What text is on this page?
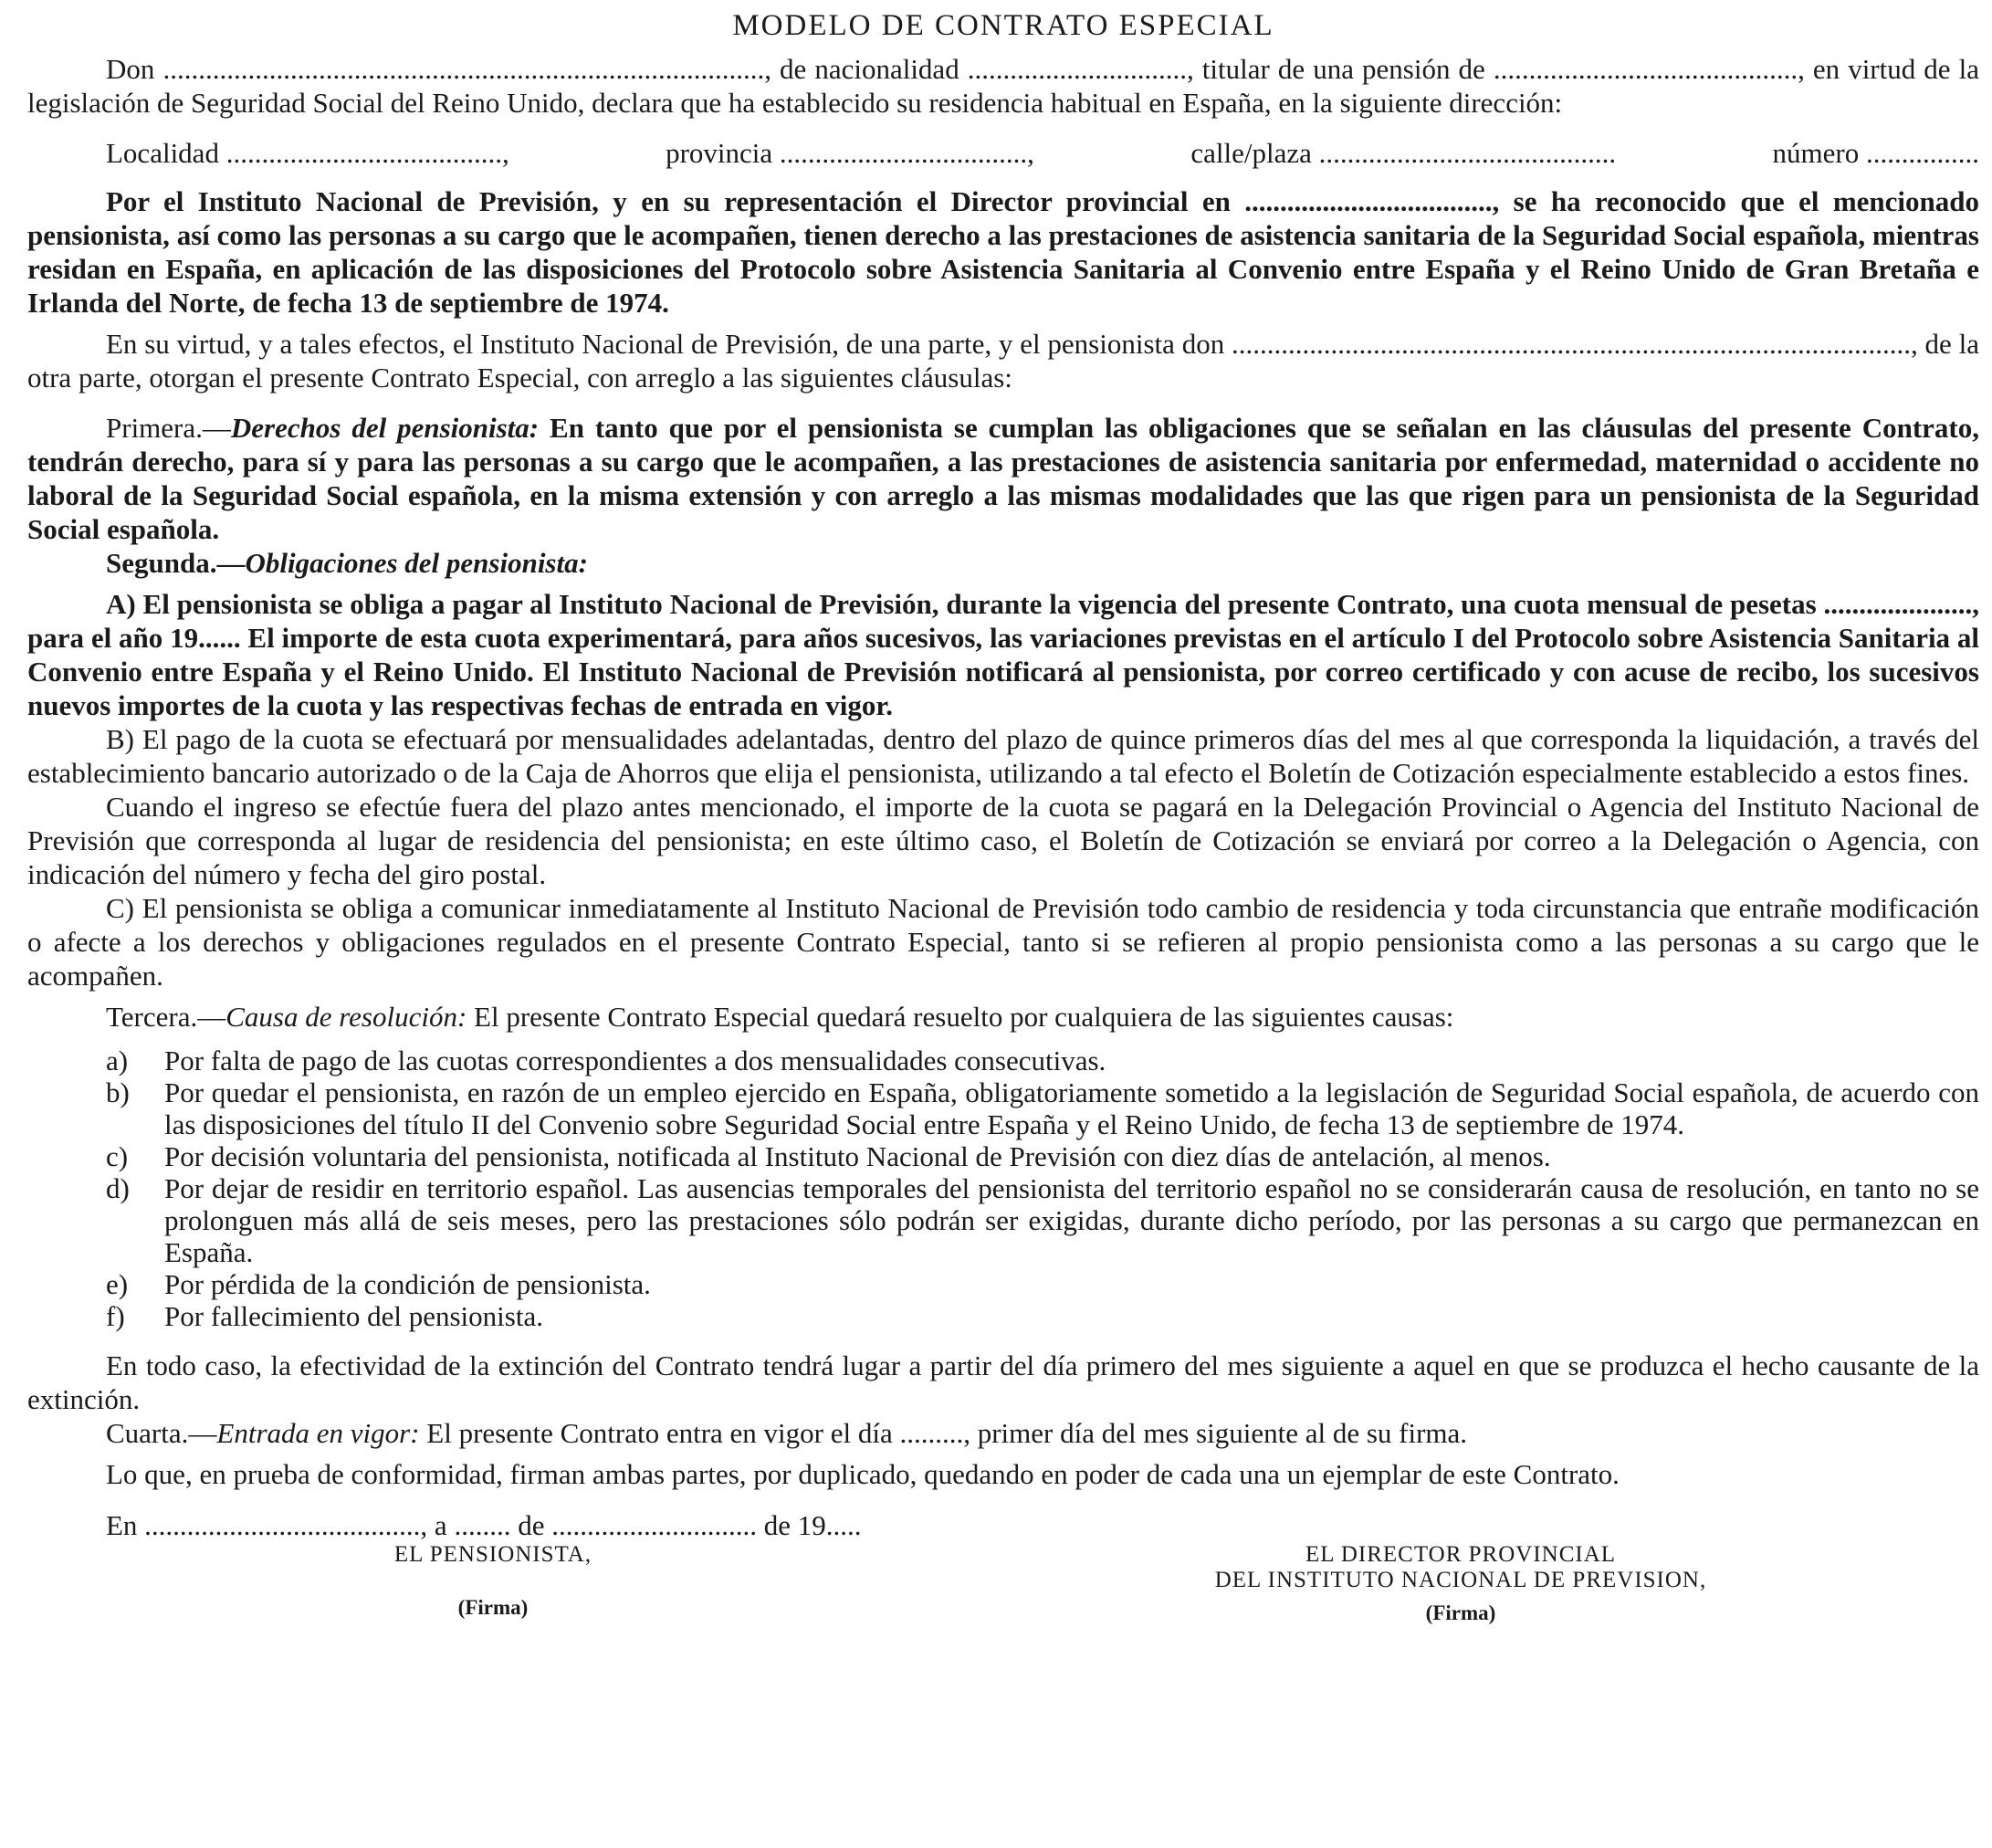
MODELO DE CONTRATO ESPECIAL

Don ....................................................................................., de nacionalidad ..............................., titular de una pensión de ..........................................., en virtud de la legislación de Seguridad Social del Reino Unido, declara que ha establecido su residencia habitual en España, en la siguiente dirección:

Localidad .......................................,	provincia ...................................,	calle/plaza ..........................................	número ................

Por el Instituto Nacional de Previsión, y en su representación el Director provincial en ..................................., se ha reconocido que el mencionado pensionista, así como las personas a su cargo que le acompañen, tienen derecho a las prestaciones de asistencia sanitaria de la Seguridad Social española, mientras residan en España, en aplicación de las disposiciones del Protocolo sobre Asistencia Sanitaria al Convenio entre España y el Reino Unido de Gran Bretaña e Irlanda del Norte, de fecha 13 de septiembre de 1974.

En su virtud, y a tales efectos, el Instituto Nacional de Previsión, de una parte, y el pensionista don ................................................................................................, de la otra parte, otorgan el presente Contrato Especial, con arreglo a las siguientes cláusulas:

Primera.—Derechos del pensionista: En tanto que por el pensionista se cumplan las obligaciones que se señalan en las cláusulas del presente Contrato, tendrán derecho, para sí y para las personas a su cargo que le acompañen, a las prestaciones de asistencia sanitaria por enfermedad, maternidad o accidente no laboral de la Seguridad Social española, en la misma extensión y con arreglo a las mismas modalidades que las que rigen para un pensionista de la Seguridad Social española.

Segunda.—Obligaciones del pensionista:

A) El pensionista se obliga a pagar al Instituto Nacional de Previsión, durante la vigencia del presente Contrato, una cuota mensual de pesetas ....................., para el año 19...... El importe de esta cuota experimentará, para años sucesivos, las variaciones previstas en el artículo I del Protocolo sobre Asistencia Sanitaria al Convenio entre España y el Reino Unido. El Instituto Nacional de Previsión notificará al pensionista, por correo certificado y con acuse de recibo, los sucesivos nuevos importes de la cuota y las respectivas fechas de entrada en vigor.

B) El pago de la cuota se efectuará por mensualidades adelantadas, dentro del plazo de quince primeros días del mes al que corresponda la liquidación, a través del establecimiento bancario autorizado o de la Caja de Ahorros que elija el pensionista, utilizando a tal efecto el Boletín de Cotización especialmente establecido a estos fines.

Cuando el ingreso se efectúe fuera del plazo antes mencionado, el importe de la cuota se pagará en la Delegación Provincial o Agencia del Instituto Nacional de Previsión que corresponda al lugar de residencia del pensionista; en este último caso, el Boletín de Cotización se enviará por correo a la Delegación o Agencia, con indicación del número y fecha del giro postal.

C) El pensionista se obliga a comunicar inmediatamente al Instituto Nacional de Previsión todo cambio de residencia y toda circunstancia que entrañe modificación o afecte a los derechos y obligaciones regulados en el presente Contrato Especial, tanto si se refieren al propio pensionista como a las personas a su cargo que le acompañen.

Tercera.—Causa de resolución: El presente Contrato Especial quedará resuelto por cualquiera de las siguientes causas:

a)	Por falta de pago de las cuotas correspondientes a dos mensualidades consecutivas.
b)	Por quedar el pensionista, en razón de un empleo ejercido en España, obligatoriamente sometido a la legislación de Seguridad Social española, de acuerdo con las disposiciones del título II del Convenio sobre Seguridad Social entre España y el Reino Unido, de fecha 13 de septiembre de 1974.
c)	Por decisión voluntaria del pensionista, notificada al Instituto Nacional de Previsión con diez días de antelación, al menos.
d)	Por dejar de residir en territorio español. Las ausencias temporales del pensionista del territorio español no se considerarán causa de resolución, en tanto no se prolonguen más allá de seis meses, pero las prestaciones sólo podrán ser exigidas, durante dicho período, por las personas a su cargo que permanezcan en España.
e)	Por pérdida de la condición de pensionista.
f)	Por fallecimiento del pensionista.

En todo caso, la efectividad de la extinción del Contrato tendrá lugar a partir del día primero del mes siguiente a aquel en que se produzca el hecho causante de la extinción.

Cuarta.—Entrada en vigor: El presente Contrato entra en vigor el día ........., primer día del mes siguiente al de su firma.

Lo que, en prueba de conformidad, firman ambas partes, por duplicado, quedando en poder de cada una un ejemplar de este Contrato.

En ......................................., a ........ de ............................. de 19.....
EL PENSIONISTA,
(Firma)
EL DIRECTOR PROVINCIAL
DEL INSTITUTO NACIONAL DE PREVISION,
(Firma)
